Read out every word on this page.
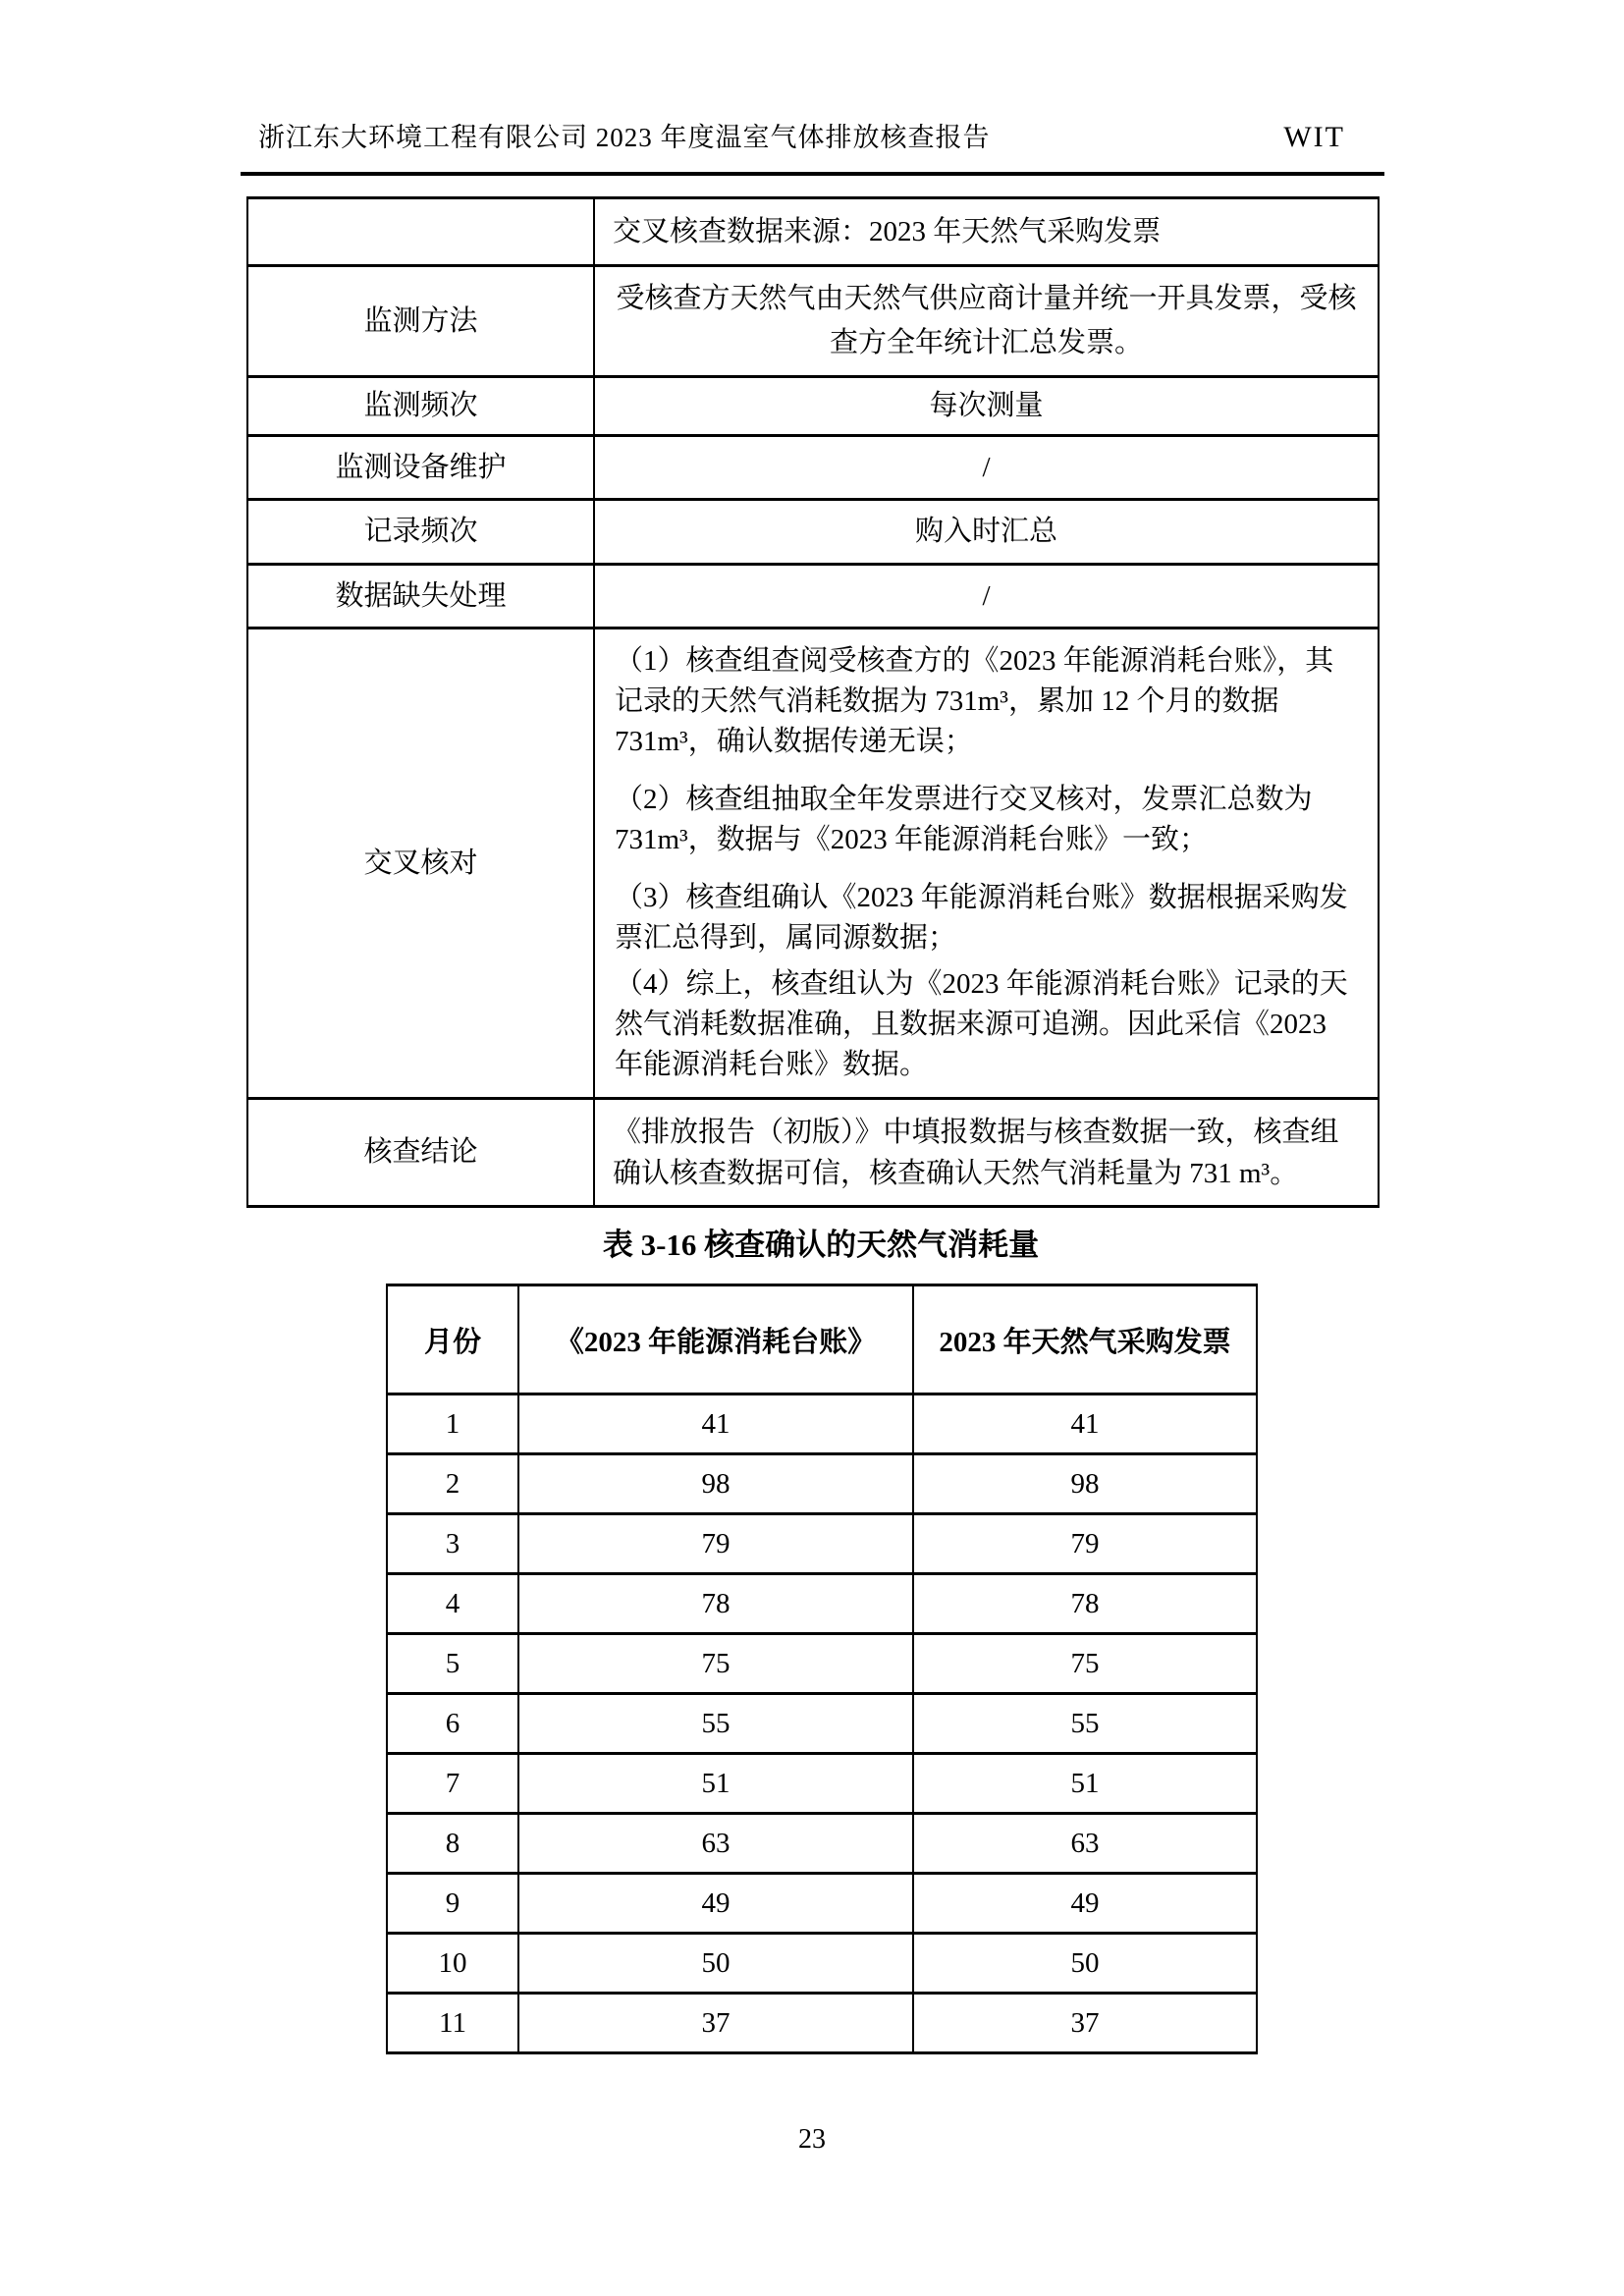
浙江东大环境工程有限公司 2023 年度温室气体排放核查报告	WIT
	交叉核查数据来源：2023 年天然气采购发票
监测方法	受核查方天然气由天然气供应商计量并统一开具发票，受核查方全年统计汇总发票。
监测频次	每次测量
监测设备维护	/
记录频次	购入时汇总
数据缺失处理	/
交叉核对	（1）核查组查阅受核查方的《2023 年能源消耗台账》，其记录的天然气消耗数据为 731m³，累加 12 个月的数据 731m³，确认数据传递无误；

（2）核查组抽取全年发票进行交叉核对，发票汇总数为 731m³，数据与《2023 年能源消耗台账》一致；

（3）核查组确认《2023 年能源消耗台账》数据根据采购发票汇总得到，属同源数据；

（4）综上，核查组认为《2023 年能源消耗台账》记录的天然气消耗数据准确，且数据来源可追溯。因此采信《2023 年能源消耗台账》数据。

核查结论	《排放报告（初版）》中填报数据与核查数据一致，核查组确认核查数据可信，核查确认天然气消耗量为 731 m³。
表 3-16 核查确认的天然气消耗量
月份	《2023 年能源消耗台账》	2023 年天然气采购发票
1	41	41
2	98	98
3	79	79
4	78	78
5	75	75
6	55	55
7	51	51
8	63	63
9	49	49
10	50	50
11	37	37
23
